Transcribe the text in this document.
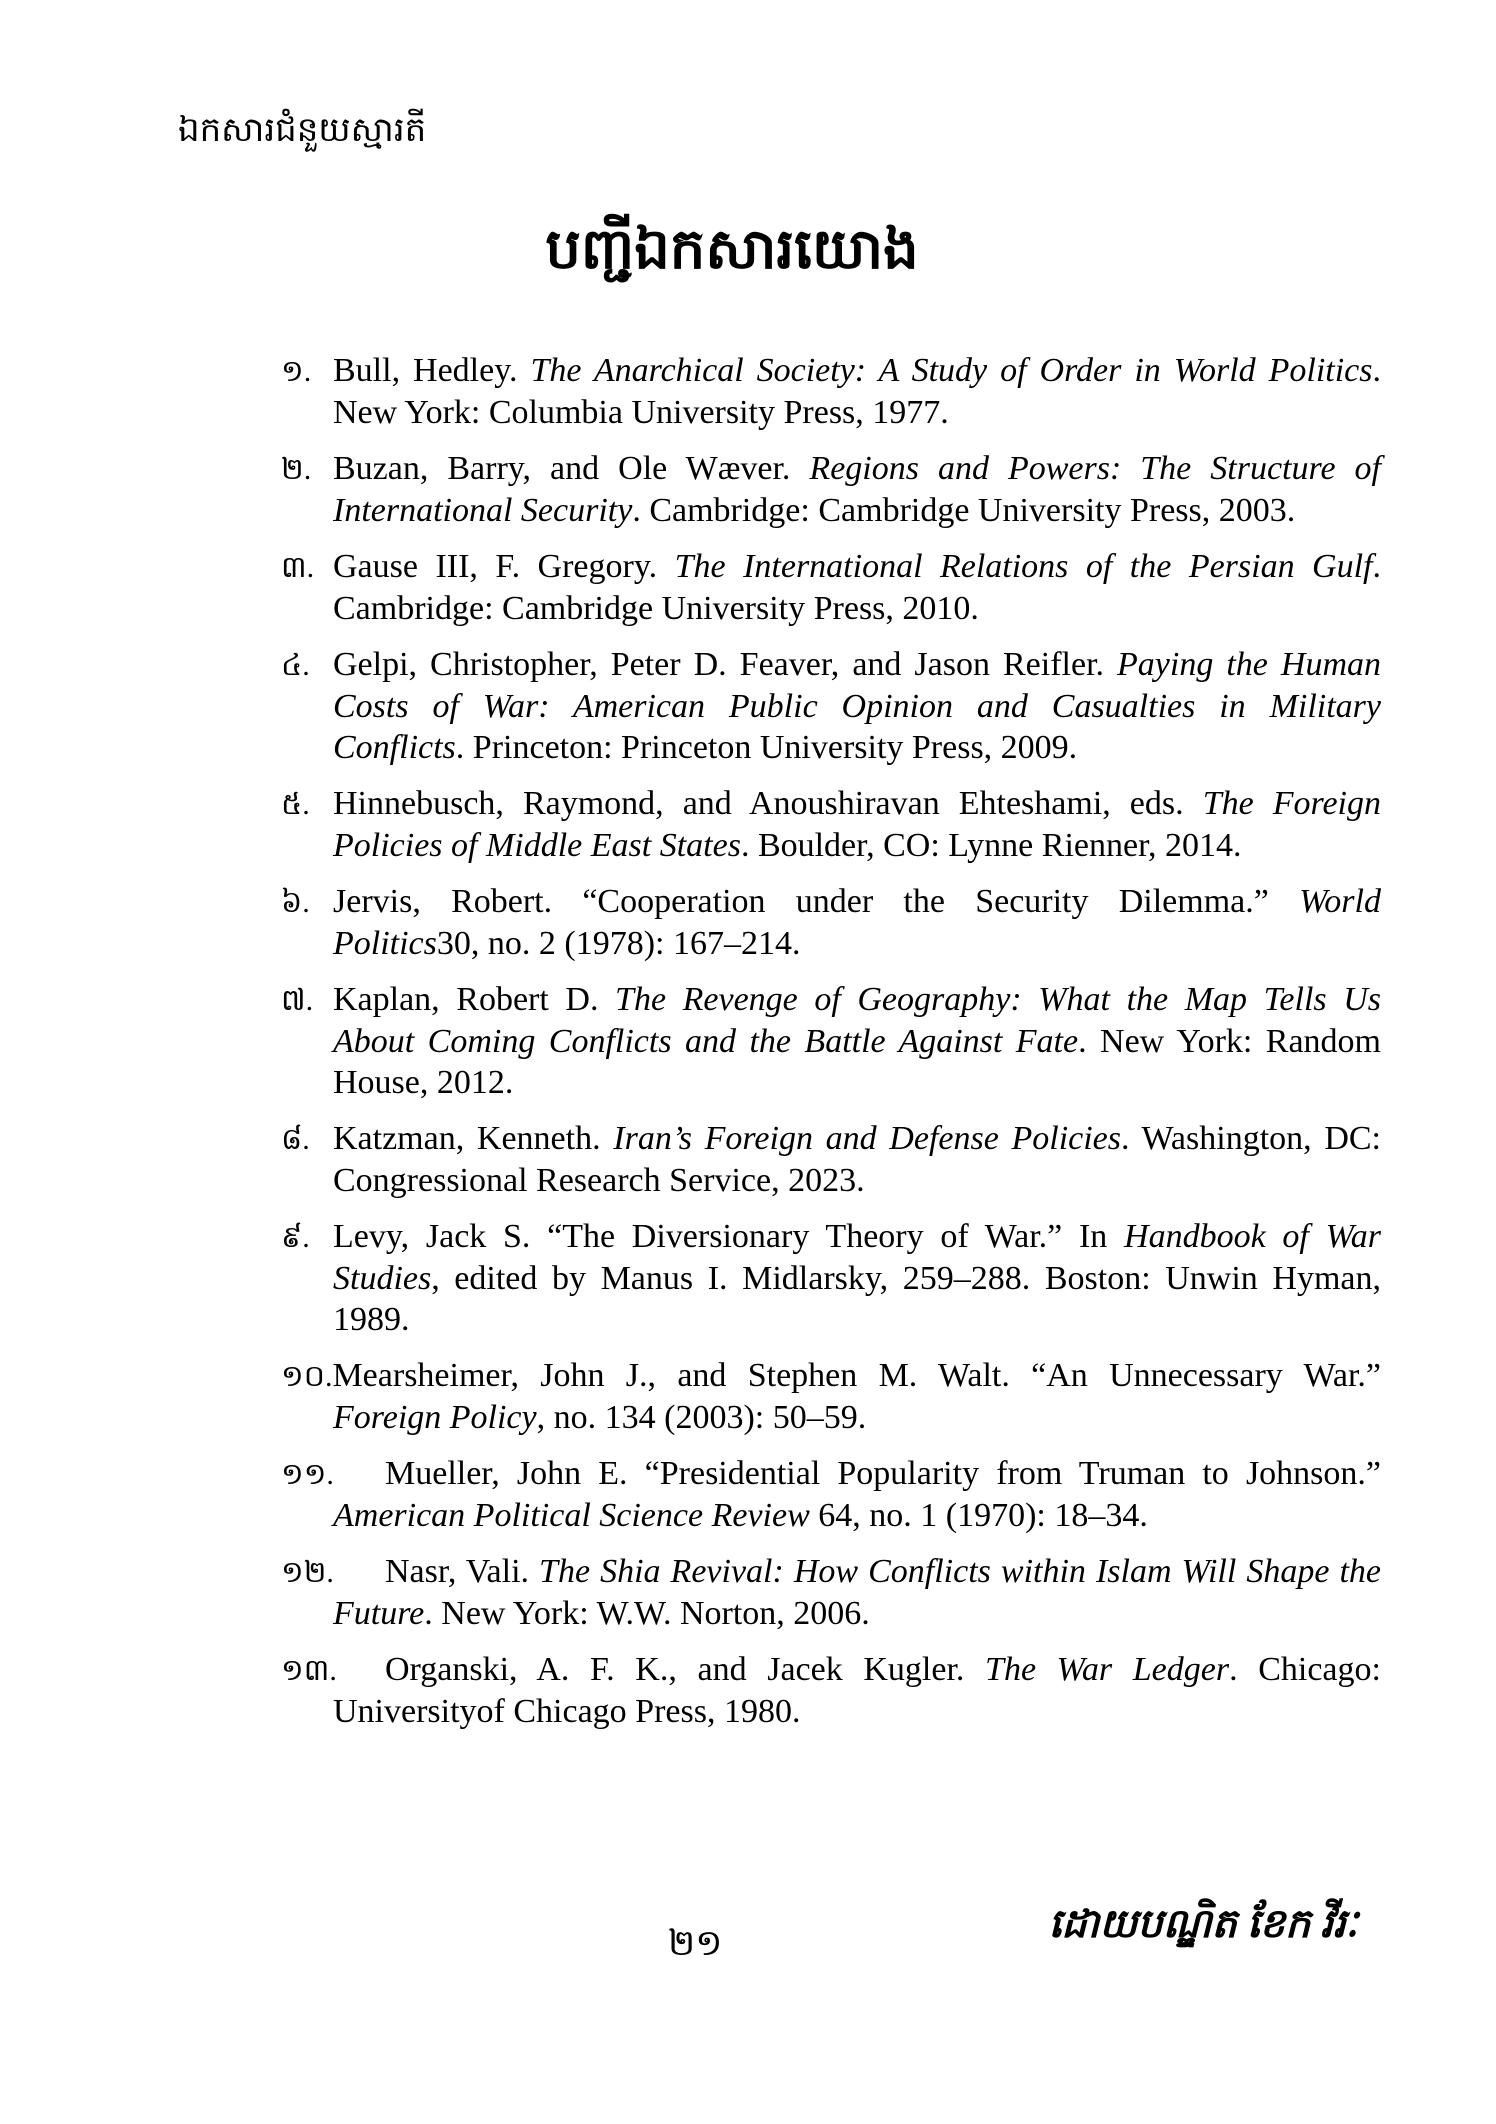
ឯកសារជំនួយស្មារតី
បញ្ជីឯកសារយោង
១. Bull, Hedley. The Anarchical Society: A Study of Order in World Politics. New York: Columbia University Press, 1977.
២. Buzan, Barry, and Ole Wæver. Regions and Powers: The Structure of International Security. Cambridge: Cambridge University Press, 2003.
៣. Gause III, F. Gregory. The International Relations of the Persian Gulf. Cambridge: Cambridge University Press, 2010.
៤. Gelpi, Christopher, Peter D. Feaver, and Jason Reifler. Paying the Human Costs of War: American Public Opinion and Casualties in Military Conflicts. Princeton: Princeton University Press, 2009.
៥. Hinnebusch, Raymond, and Anoushiravan Ehteshami, eds. The Foreign Policies of Middle East States. Boulder, CO: Lynne Rienner, 2014.
៦. Jervis, Robert. “Cooperation under the Security Dilemma.” World Politics30, no. 2 (1978): 167–214.
៧. Kaplan, Robert D. The Revenge of Geography: What the Map Tells Us About Coming Conflicts and the Battle Against Fate. New York: Random House, 2012.
៨. Katzman, Kenneth. Iran’s Foreign and Defense Policies. Washington, DC: Congressional Research Service, 2023.
៩. Levy, Jack S. “The Diversionary Theory of War.” In Handbook of War Studies, edited by Manus I. Midlarsky, 259–288. Boston: Unwin Hyman, 1989.
១០.Mearsheimer, John J., and Stephen M. Walt. “An Unnecessary War.” Foreign Policy, no. 134 (2003): 50–59.
១១. Mueller, John E. “Presidential Popularity from Truman to Johnson.” American Political Science Review 64, no. 1 (1970): 18–34.
១២. Nasr, Vali. The Shia Revival: How Conflicts within Islam Will Shape the Future. New York: W.W. Norton, 2006.
១៣. Organski, A. F. K., and Jacek Kugler. The War Ledger. Chicago: Universityof Chicago Press, 1980.
២១	ដោយបណ្ឌិត ខែក វីរៈ
